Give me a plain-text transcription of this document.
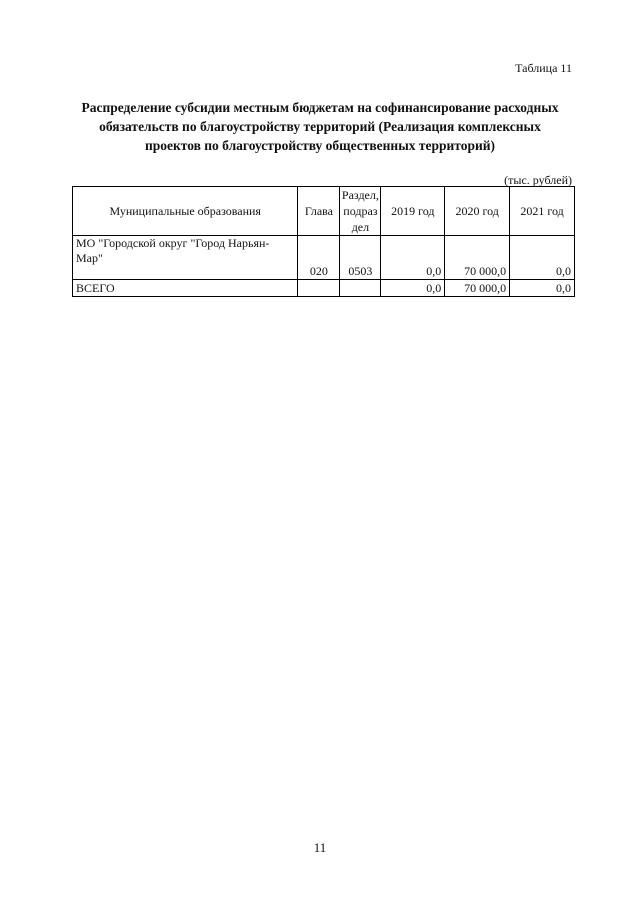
Таблица 11
Распределение субсидии местным бюджетам на софинансирование расходных обязательств по благоустройству территорий (Реализация комплексных проектов по благоустройству общественных территорий)
(тыс. рублей)
Муниципальные образования	Глава	Раздел, подраз дел	2019 год	2020 год	2021 год
МО "Городской округ "Город Нарьян-Мар"	020	0503	0,0	70 000,0	0,0
ВСЕГО			0,0	70 000,0	0,0
11
